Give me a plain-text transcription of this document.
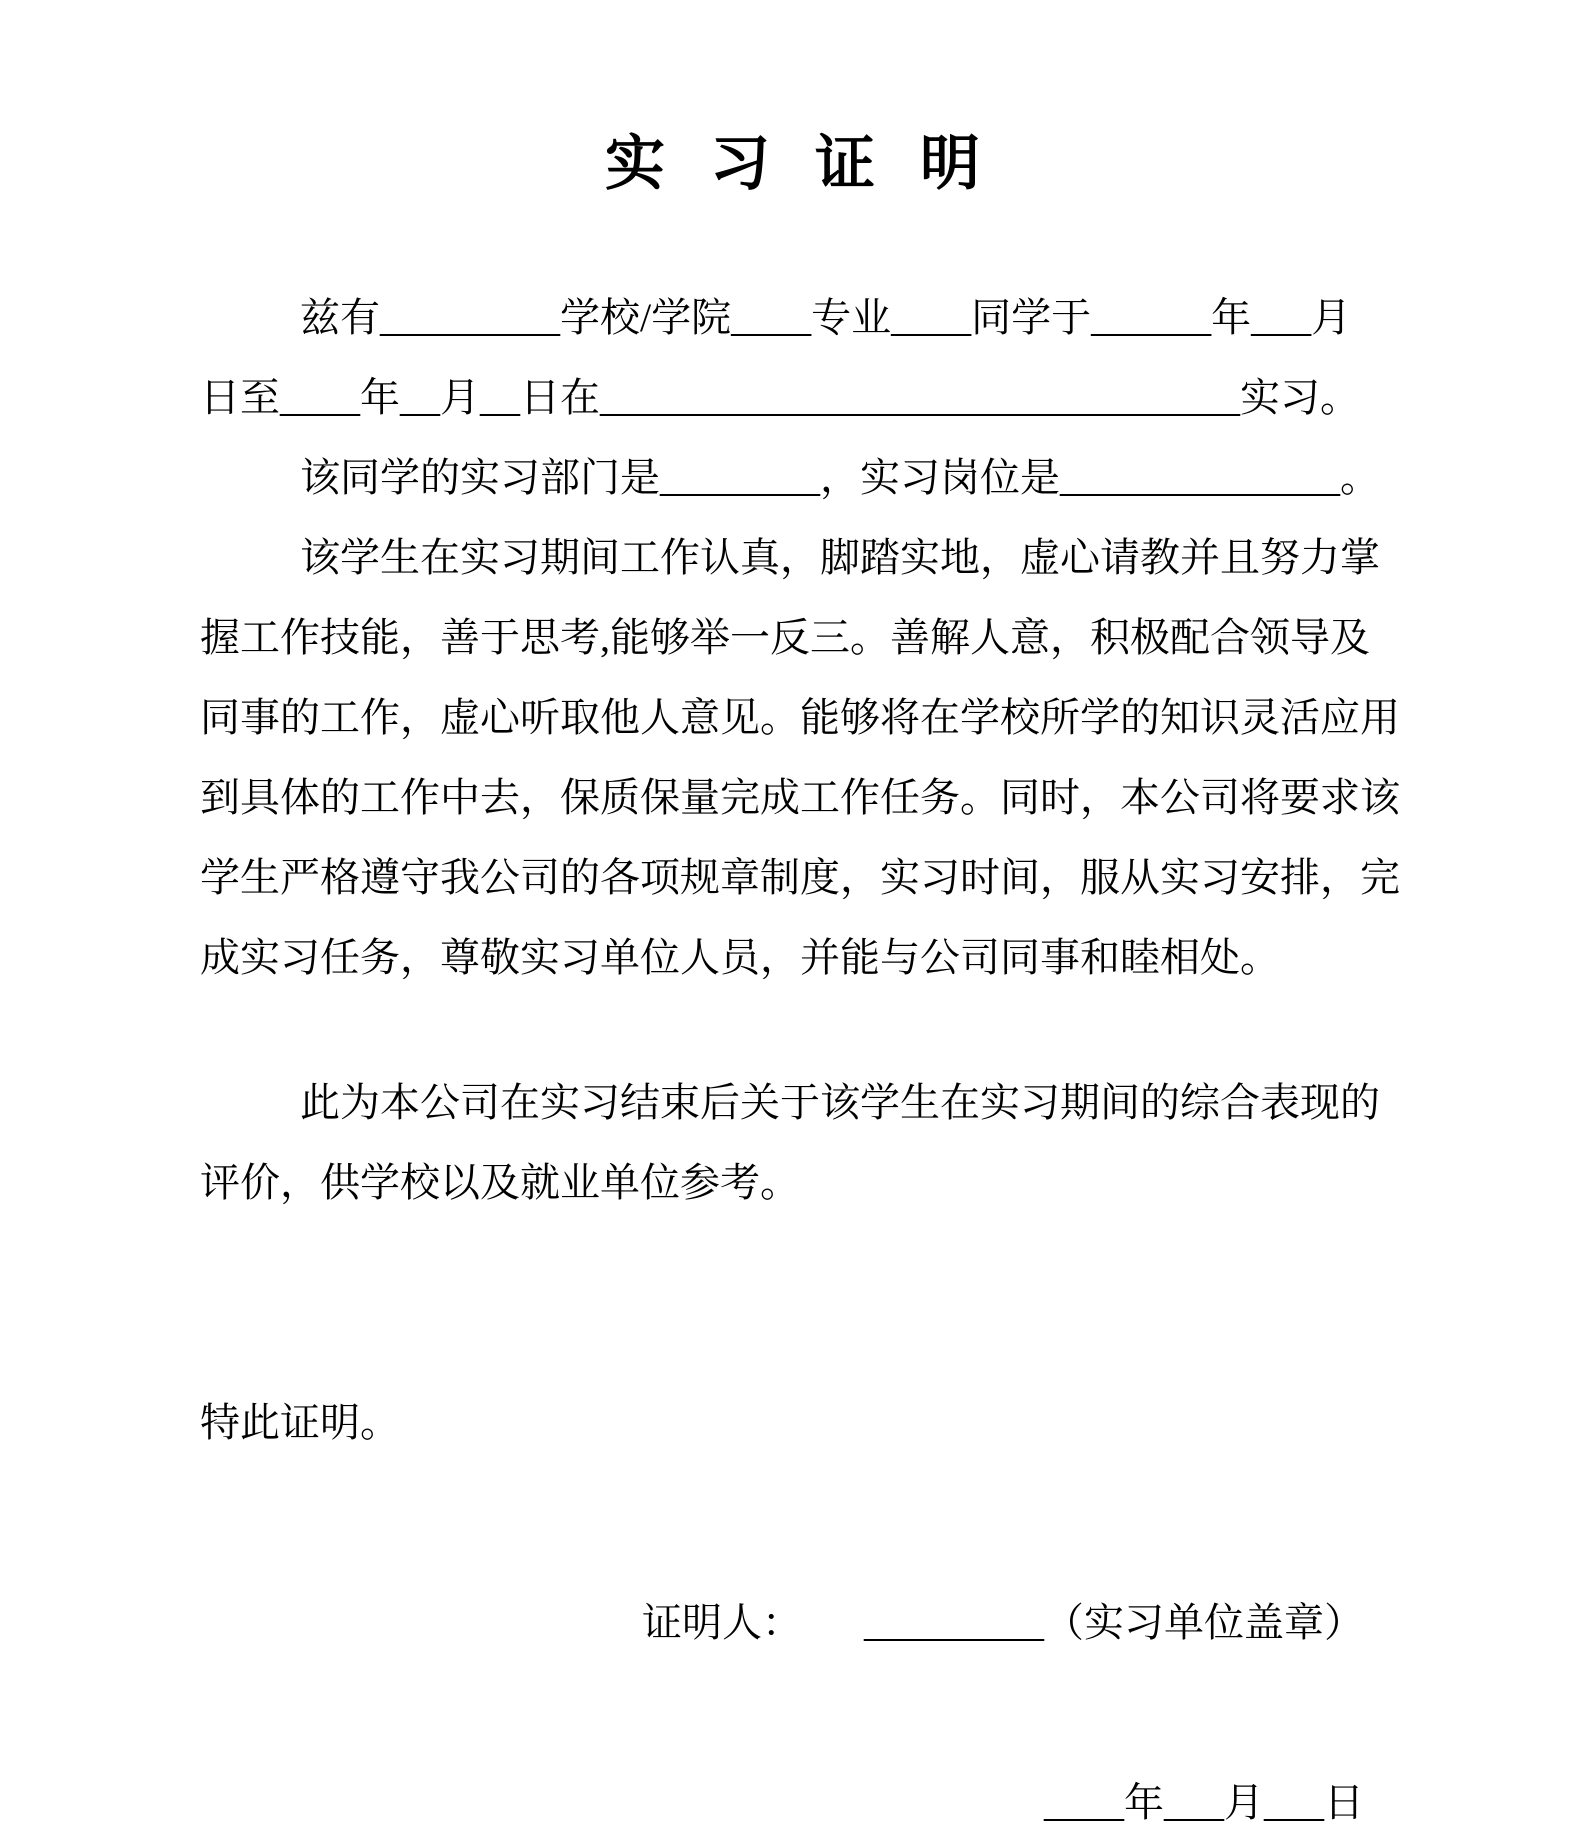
实 习 证 明
兹有_________学校/学院____专业____同学于______年___月
日至____年__月__日在________________________________实习。
该同学的实习部门是________，实习岗位是______________。
该学生在实习期间工作认真，脚踏实地，虚心请教并且努力掌
握工作技能，善于思考,能够举一反三。善解人意，积极配合领导及
同事的工作，虚心听取他人意见。能够将在学校所学的知识灵活应用
到具体的工作中去，保质保量完成工作任务。同时，本公司将要求该
学生严格遵守我公司的各项规章制度，实习时间，服从实习安排，完
成实习任务，尊敬实习单位人员，并能与公司同事和睦相处。
此为本公司在实习结束后关于该学生在实习期间的综合表现的
评价，供学校以及就业单位参考。
特此证明。
证明人： _________（实习单位盖章）
____年___月___日
